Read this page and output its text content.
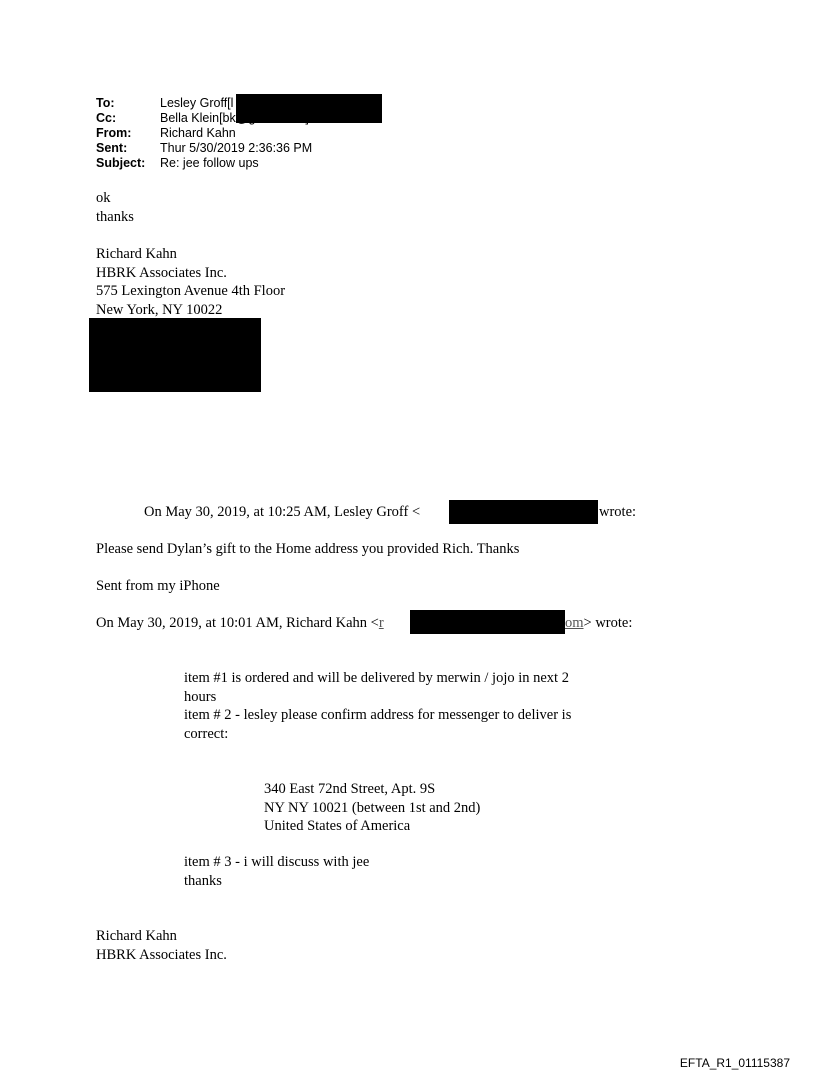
To:	Lesley Groff[l
Cc:	Bella Klein[bk
From:	Richard Kahn
Sent:	Thur 5/30/2019 2:36:36 PM
Subject:	Re: jee follow ups
ok
thanks
Richard Kahn
HBRK Associates Inc.
575 Lexington Avenue 4th Floor
New York, NY 10022
On May 30, 2019, at 10:25 AM, Lesley Groff <	wrote:
Please send Dylan’s gift to the Home address you provided Rich. Thanks
Sent from my iPhone
On May 30, 2019, at 10:01 AM, Richard Kahn <r	om> wrote:
item #1 is ordered and will be delivered by merwin / jojo in next 2
hours
item # 2 - lesley please confirm address for messenger to deliver is
correct:
340 East 72nd Street, Apt. 9S
NY NY 10021 (between 1st and 2nd)
United States of America
item # 3 - i will discuss with jee
thanks
Richard Kahn
HBRK Associates Inc.
EFTA_R1_01115387
